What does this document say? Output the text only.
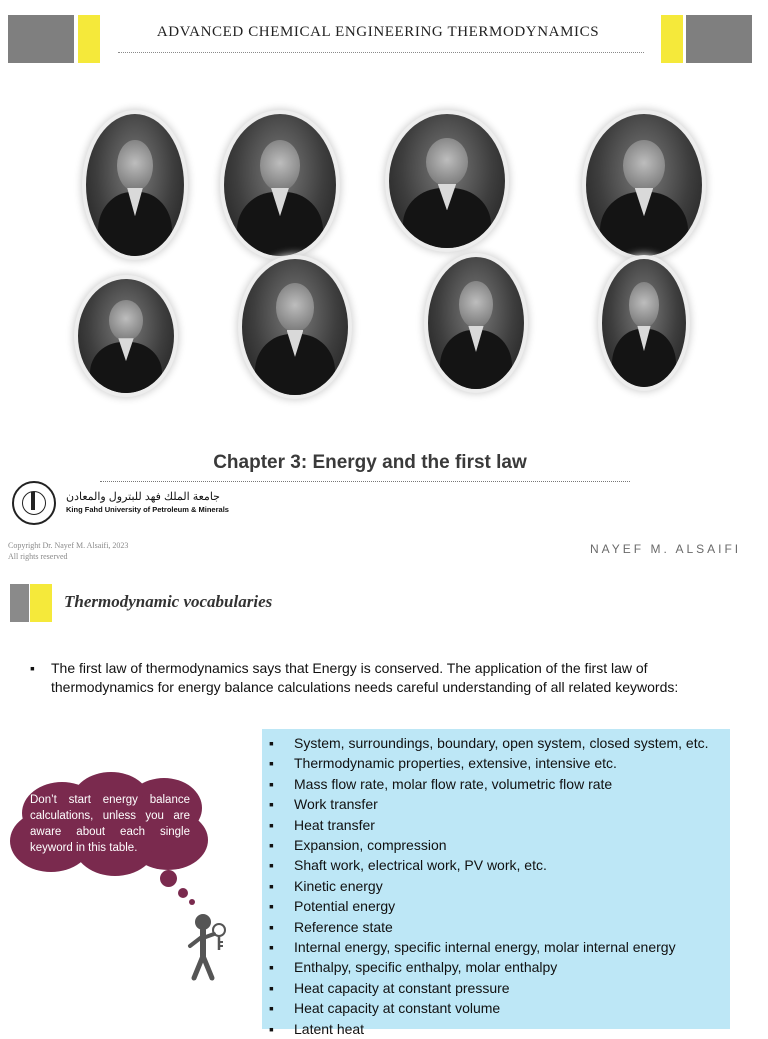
ADVANCED CHEMICAL ENGINEERING THERMODYNAMICS
Chapter 3: Energy and the first law
جامعة الملك فهد للبترول والمعادن
King Fahd University of Petroleum & Minerals
Copyright Dr. Nayef M. Alsaifi, 2023
All rights reserved
NAYEF M. ALSAIFI
Thermodynamic vocabularies
▪	The first law of thermodynamics says that Energy is conserved. The application of the first law of thermodynamics for energy balance calculations needs careful understanding of all related keywords:
Don’t start energy balance calculations, unless you are aware about each single keyword in this table.
▪ System, surroundings, boundary, open system, closed system, etc.
▪ Thermodynamic properties, extensive, intensive etc.
▪ Mass flow rate, molar flow rate, volumetric flow rate
▪ Work transfer
▪ Heat transfer
▪ Expansion, compression
▪ Shaft work, electrical work, PV work, etc.
▪ Kinetic energy
▪ Potential energy
▪ Reference state
▪ Internal energy, specific internal energy, molar internal energy
▪ Enthalpy, specific enthalpy, molar enthalpy
▪ Heat capacity at constant pressure
▪ Heat capacity at constant volume
▪ Latent heat
